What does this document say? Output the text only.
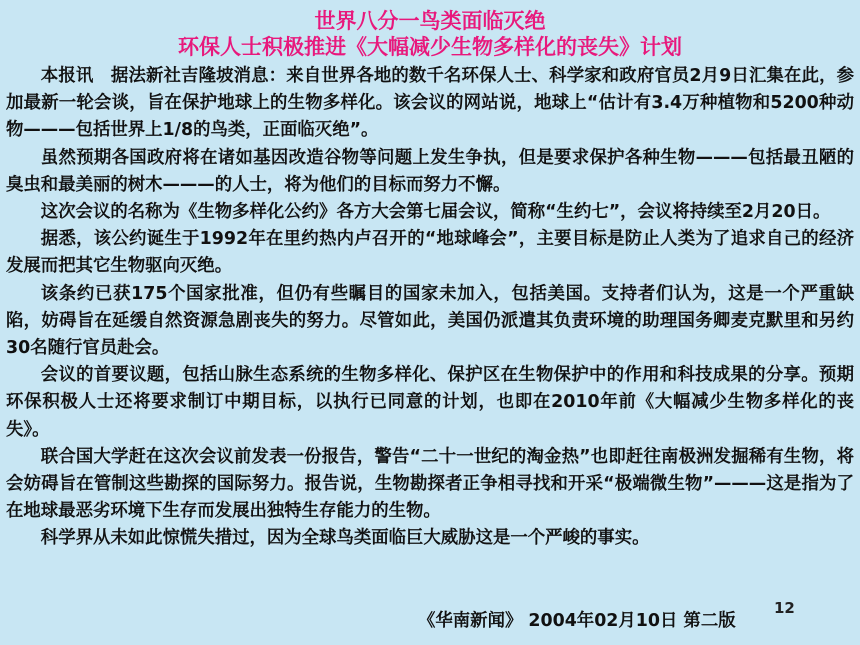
世界八分一鸟类面临灭绝
环保人士积极推进《大幅减少生物多样化的丧失》计划

本报讯　据法新社吉隆坡消息：来自世界各地的数千名环保人士、科学家和政府官员2月9日汇集在此，参加最新一轮会谈，旨在保护地球上的生物多样化。该会议的网站说，地球上“估计有3.4万种植物和5200种动物———包括世界上1/8的鸟类，正面临灭绝”。

虽然预期各国政府将在诸如基因改造谷物等问题上发生争执，但是要求保护各种生物———包括最丑陋的臭虫和最美丽的树木———的人士，将为他们的目标而努力不懈。

这次会议的名称为《生物多样化公约》各方大会第七届会议，简称“生约七”，会议将持续至2月20日。

据悉，该公约诞生于1992年在里约热内卢召开的“地球峰会”，主要目标是防止人类为了追求自己的经济发展而把其它生物驱向灭绝。

该条约已获175个国家批准，但仍有些瞩目的国家未加入，包括美国。支持者们认为，这是一个严重缺陷，妨碍旨在延缓自然资源急剧丧失的努力。尽管如此，美国仍派遣其负责环境的助理国务卿麦克默里和另约30名随行官员赴会。

会议的首要议题，包括山脉生态系统的生物多样化、保护区在生物保护中的作用和科技成果的分享。预期环保积极人士还将要求制订中期目标，以执行已同意的计划，也即在2010年前《大幅减少生物多样化的丧失》。

联合国大学赶在这次会议前发表一份报告，警告“二十一世纪的淘金热”也即赶往南极洲发掘稀有生物，将会妨碍旨在管制这些勘探的国际努力。报告说，生物勘探者正争相寻找和开采“极端微生物”———这是指为了在地球最恶劣环境下生存而发展出独特生存能力的生物。

科学界从未如此惊慌失措过，因为全球鸟类面临巨大威胁这是一个严峻的事实。

《华南新闻》 2004年02月10日 第二版
12
